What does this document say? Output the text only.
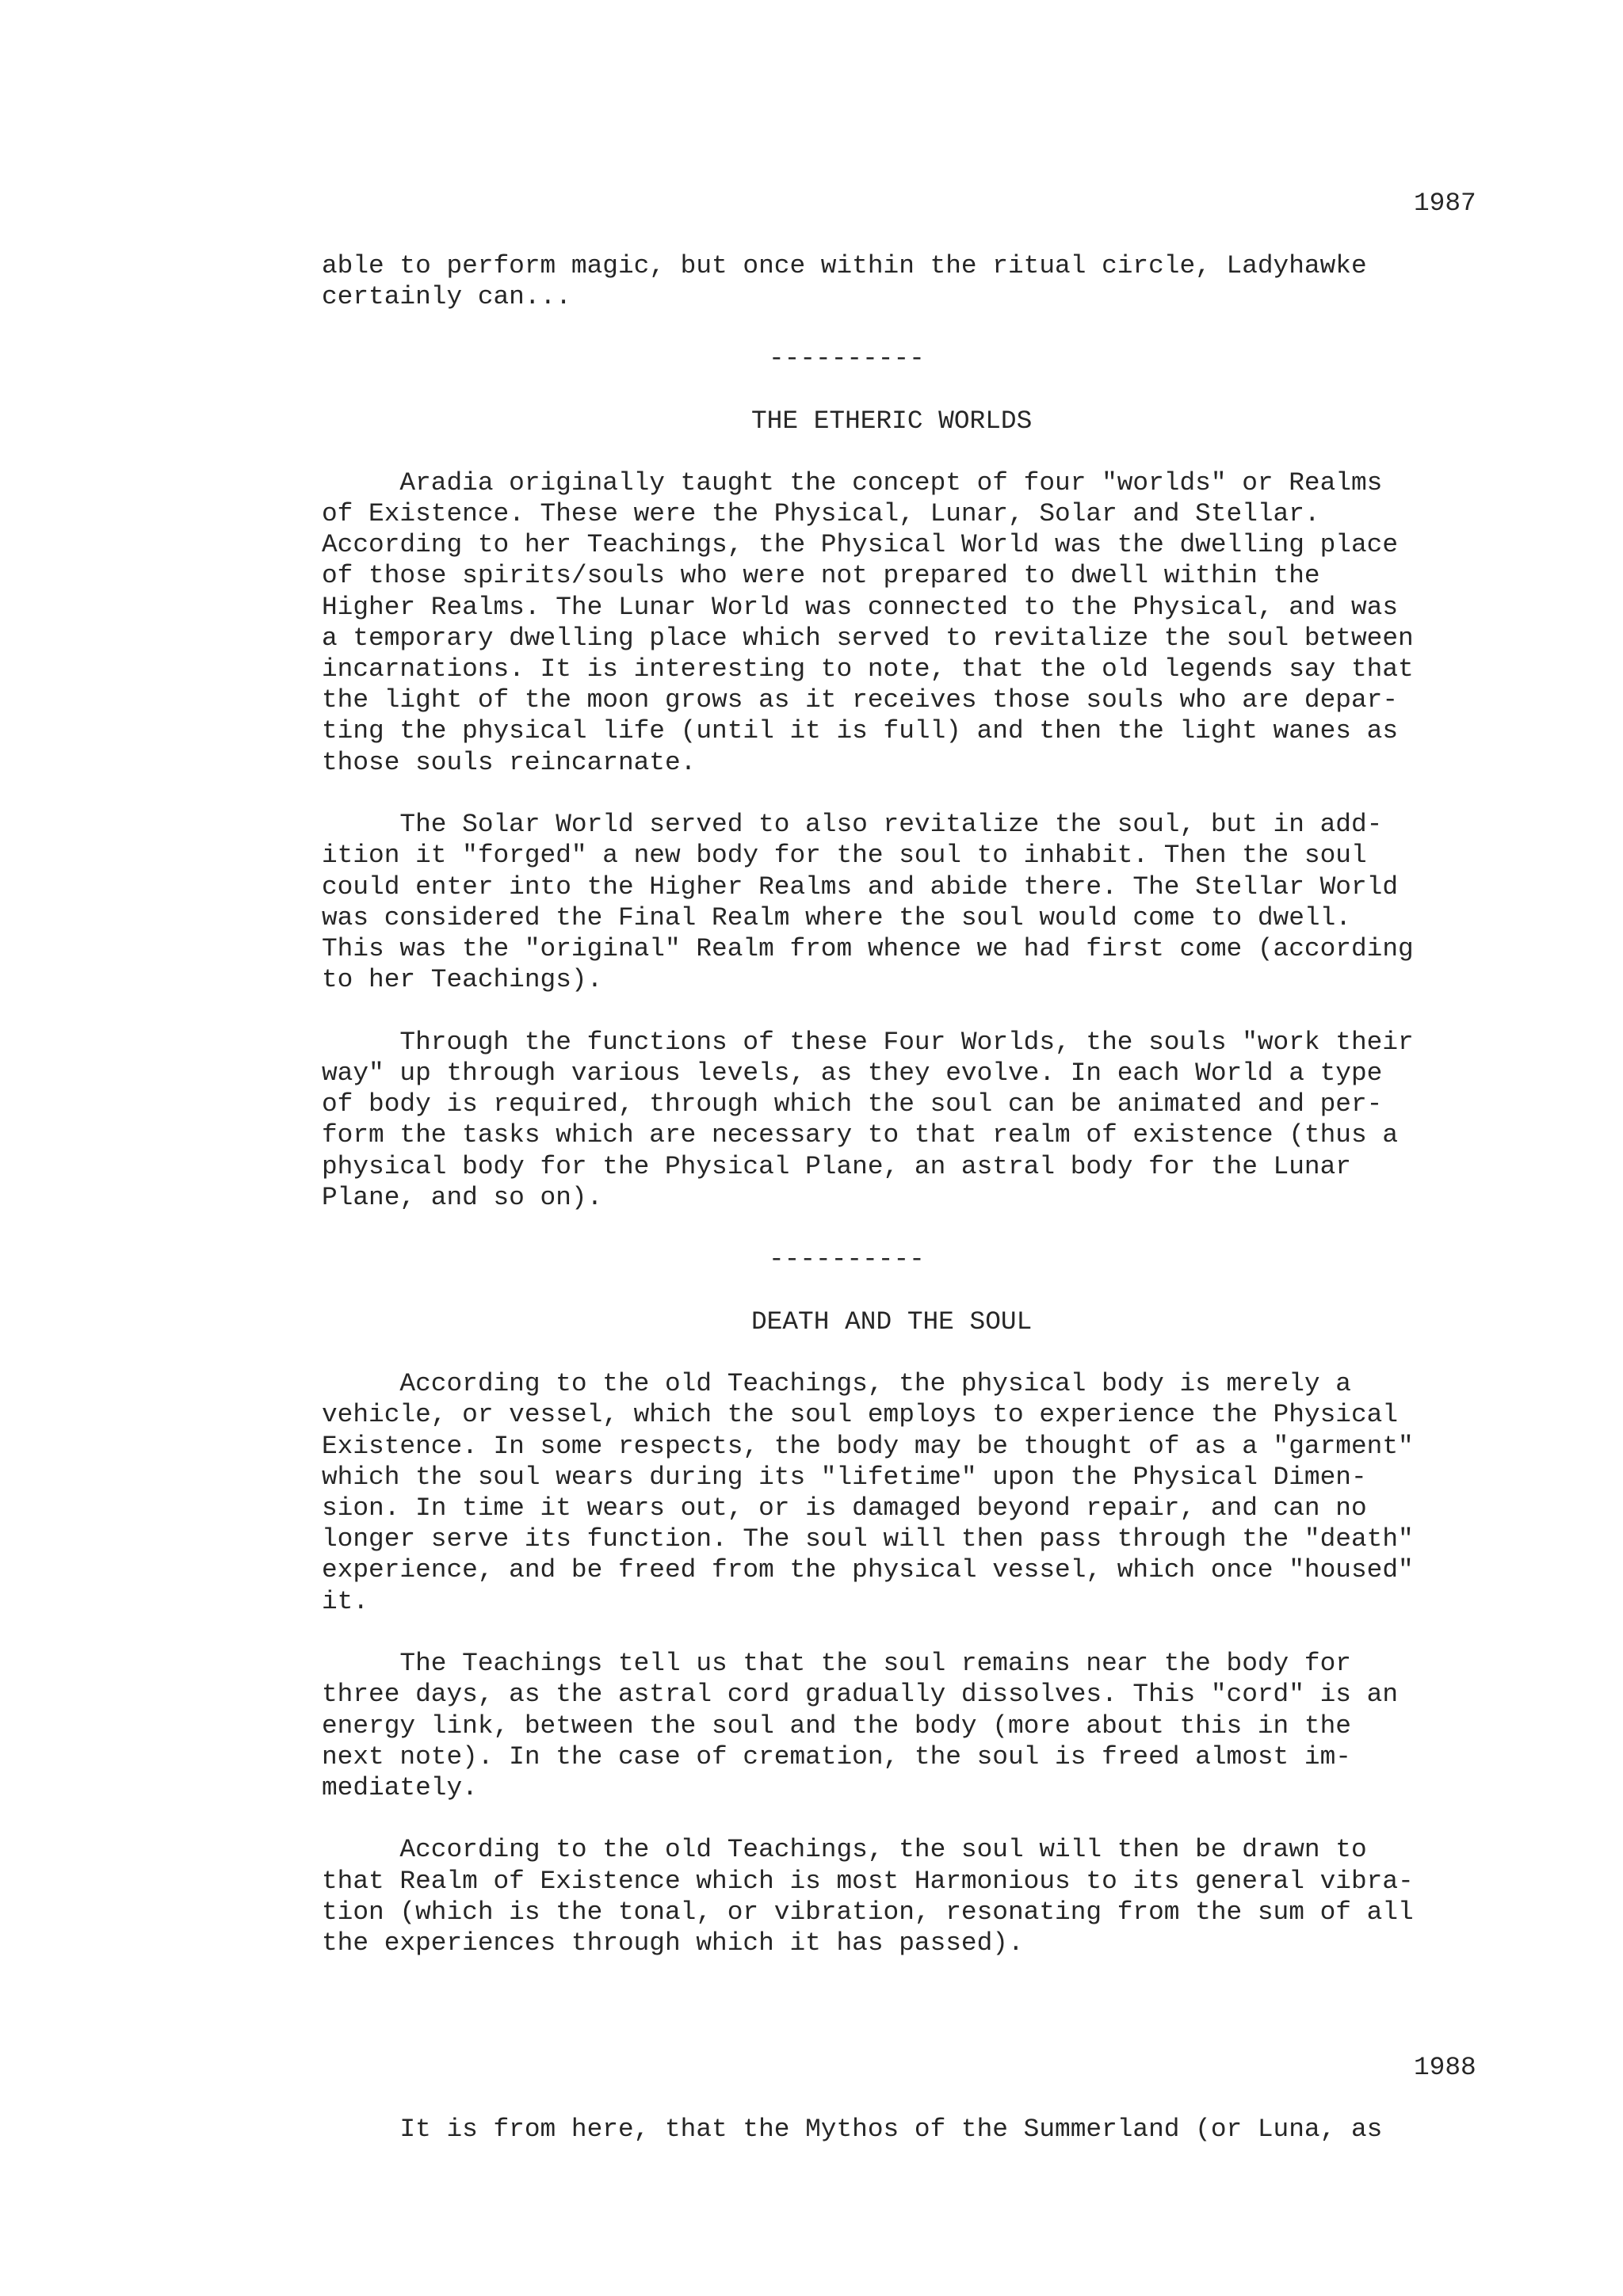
1987
able to perform magic, but once within the ritual circle, Ladyhawke
certainly can...
----------
THE ETHERIC WORLDS
Aradia originally taught the concept of four "worlds" or Realms
of Existence. These were the Physical, Lunar, Solar and Stellar.
According to her Teachings, the Physical World was the dwelling place
of those spirits/souls who were not prepared to dwell within the
Higher Realms. The Lunar World was connected to the Physical, and was
a temporary dwelling place which served to revitalize the soul between
incarnations. It is interesting to note, that the old legends say that
the light of the moon grows as it receives those souls who are depar-
ting the physical life (until it is full) and then the light wanes as
those souls reincarnate.
The Solar World served to also revitalize the soul, but in add-
ition it "forged" a new body for the soul to inhabit. Then the soul
could enter into the Higher Realms and abide there. The Stellar World
was considered the Final Realm where the soul would come to dwell.
This was the "original" Realm from whence we had first come (according
to her Teachings).
Through the functions of these Four Worlds, the souls "work their
way" up through various levels, as they evolve. In each World a type
of body is required, through which the soul can be animated and per-
form the tasks which are necessary to that realm of existence (thus a
physical body for the Physical Plane, an astral body for the Lunar
Plane, and so on).
----------
DEATH AND THE SOUL
According to the old Teachings, the physical body is merely a
vehicle, or vessel, which the soul employs to experience the Physical
Existence. In some respects, the body may be thought of as a "garment"
which the soul wears during its "lifetime" upon the Physical Dimen-
sion. In time it wears out, or is damaged beyond repair, and can no
longer serve its function. The soul will then pass through the "death"
experience, and be freed from the physical vessel, which once "housed"
it.
The Teachings tell us that the soul remains near the body for
three days, as the astral cord gradually dissolves. This "cord" is an
energy link, between the soul and the body (more about this in the
next note). In the case of cremation, the soul is freed almost im-
mediately.
According to the old Teachings, the soul will then be drawn to
that Realm of Existence which is most Harmonious to its general vibra-
tion (which is the tonal, or vibration, resonating from the sum of all
the experiences through which it has passed).
1988
It is from here, that the Mythos of the Summerland (or Luna, as
